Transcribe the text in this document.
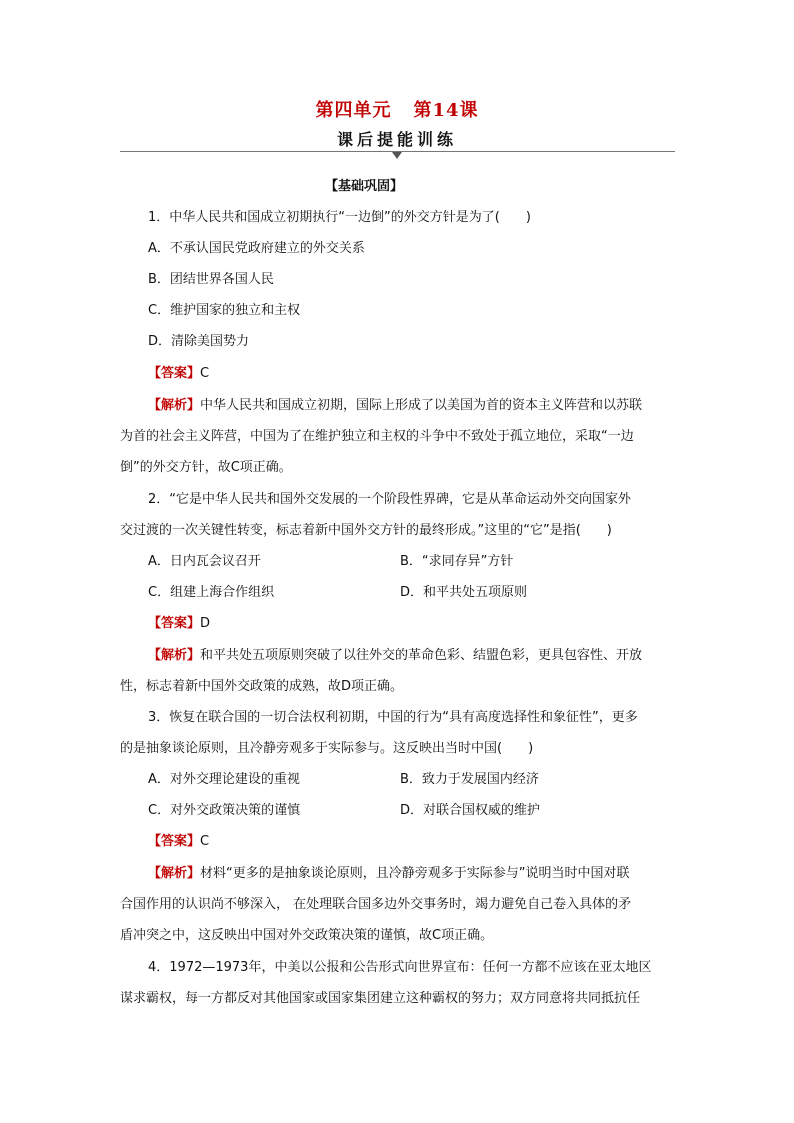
第四单元 第14课
课后提能训练
【基础巩固】
1．中华人民共和国成立初期执行“一边倒”的外交方针是为了(　　)
A．不承认国民党政府建立的外交关系
B．团结世界各国人民
C．维护国家的独立和主权
D．清除美国势力
【答案】C
【解析】中华人民共和国成立初期，国际上形成了以美国为首的资本主义阵营和以苏联
为首的社会主义阵营，中国为了在维护独立和主权的斗争中不致处于孤立地位，采取“一边
倒”的外交方针，故C项正确。
2．“它是中华人民共和国外交发展的一个阶段性界碑，它是从革命运动外交向国家外
交过渡的一次关键性转变，标志着新中国外交方针的最终形成。”这里的“它”是指(　　)
A．日内瓦会议召开	B．“求同存异”方针
C．组建上海合作组织	D．和平共处五项原则
【答案】D
【解析】和平共处五项原则突破了以往外交的革命色彩、结盟色彩，更具包容性、开放
性，标志着新中国外交政策的成熟，故D项正确。
3．恢复在联合国的一切合法权利初期，中国的行为“具有高度选择性和象征性”，更多
的是抽象谈论原则，且冷静旁观多于实际参与。这反映出当时中国(　　)
A．对外交理论建设的重视	B．致力于发展国内经济
C．对外交政策决策的谨慎	D．对联合国权威的维护
【答案】C
【解析】材料“更多的是抽象谈论原则，且冷静旁观多于实际参与”说明当时中国对联
合国作用的认识尚不够深入， 在处理联合国多边外交事务时，竭力避免自己卷入具体的矛
盾冲突之中，这反映出中国对外交政策决策的谨慎，故C项正确。
4．1972—1973年，中美以公报和公告形式向世界宣布：任何一方都不应该在亚太地区
谋求霸权，每一方都反对其他国家或国家集团建立这种霸权的努力；双方同意将共同抵抗任
